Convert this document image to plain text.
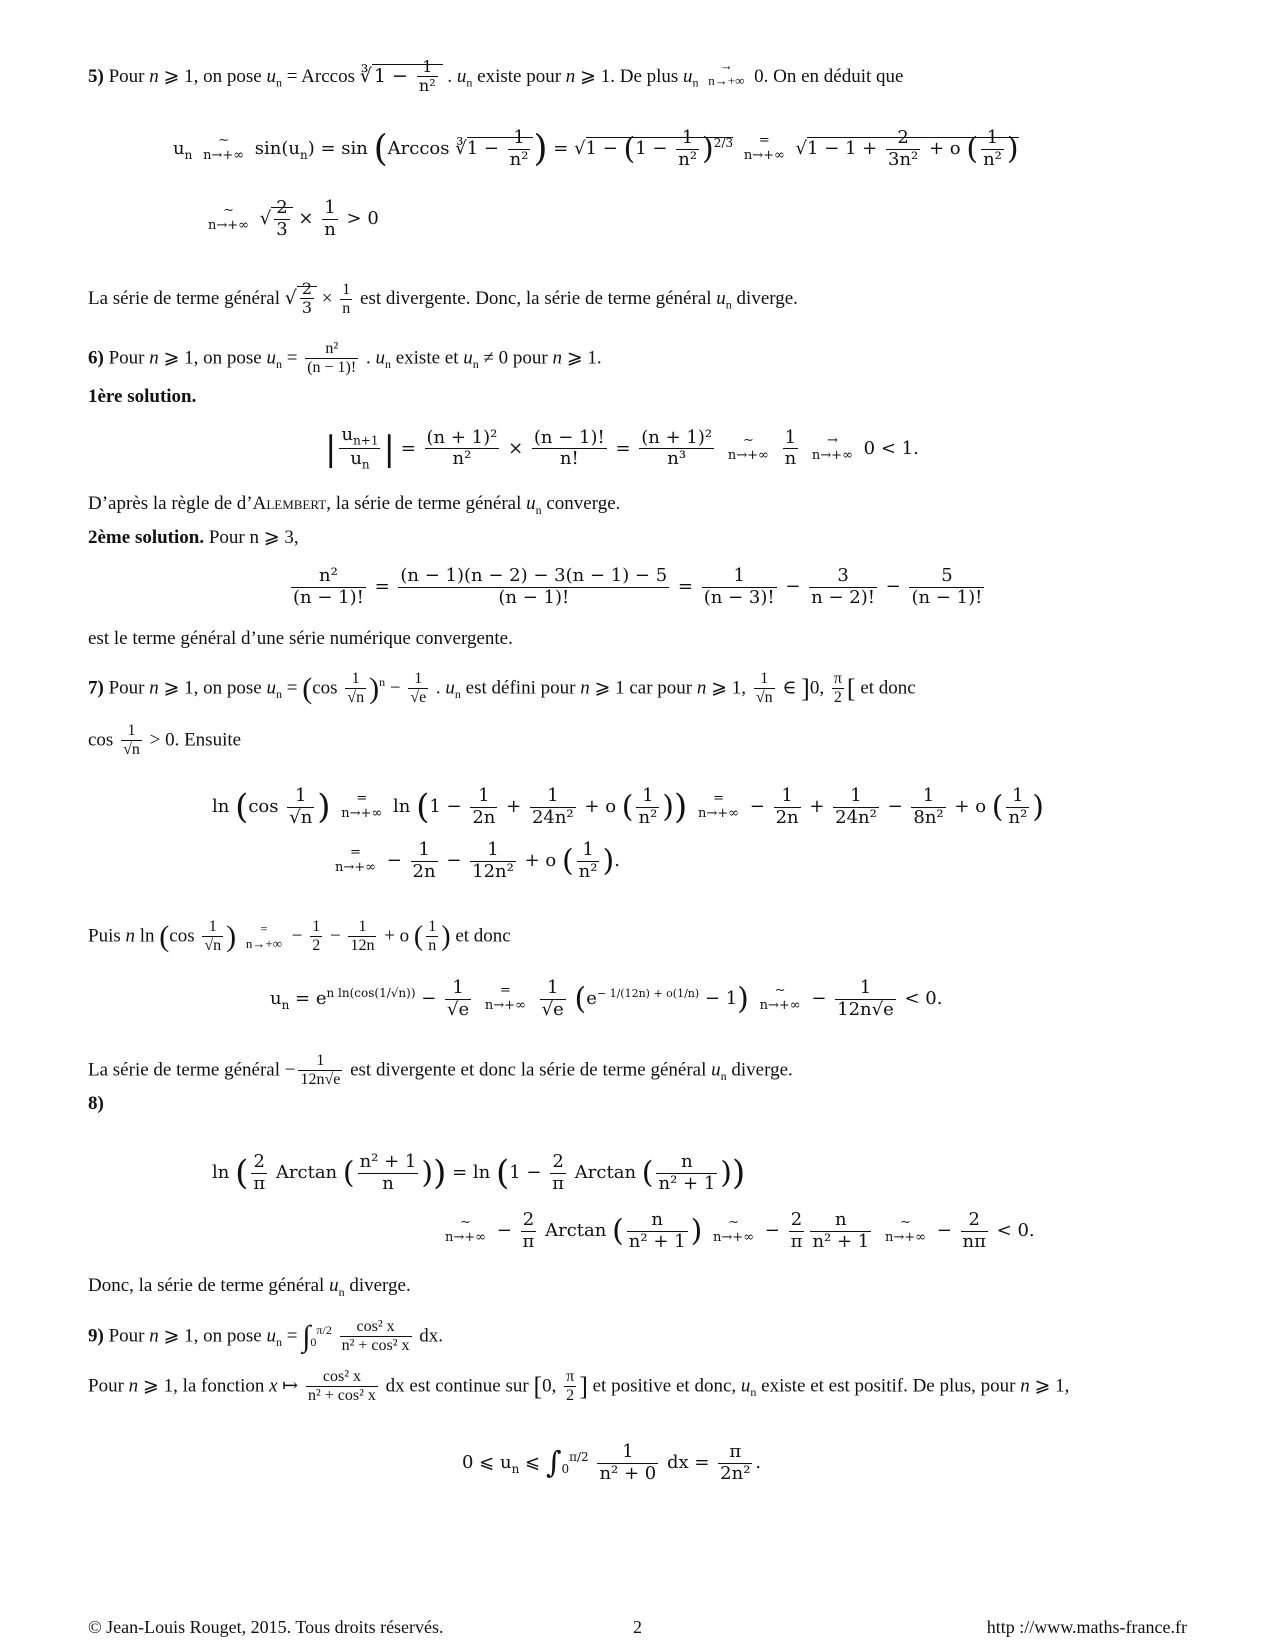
5) Pour n ⩾ 1, on pose $u_n = Arccos$ ∛ $1 - \frac{1}{\text{n²}}$ . $u_n$ existe pour n ⩾ 1. De plus $u_n$
→
n→+∞ 0. On en déduit que
$u_n$
∼
n→+∞ $\sin(u_n) = \sin (Arccos$ ∛1 − $\frac{1}{\text{n²}}$ ) = $√1 - (1 - \frac{1}{\text{n²}} )^{2/3}$	=
n→+∞ $√1 - 1 + \frac{2}{\text{3n²}} + o$ ( $\frac{1}{\text{n²}}$ )
∼
n→+∞ √ $\frac{2}{3} \times \frac{1}{n} > 0$
La série de terme général √ $\frac{2}{3} \times \frac{1}{n}$ est divergente. Donc, la série de terme général $u_n$ diverge.
6) Pour n ⩾ 1, on pose $u_n = \frac{\text{n²}}{(n - 1)!}$ . $u_n$ existe et $u_n \ne 0$ pour n ⩾ 1.
1ère solution.
| $\frac{u_{n+1}}{u_n}$ | = $\frac{\text{(n + 1)²}}{\text{n²}} \times \frac{(n - 1)!}{n!} = \frac{\text{(n + 1)²}}{\text{n³}}$
	∼
n→+∞
$\frac{1}{n}$
	→
n→+∞ 0 < 1.
D’après la règle de d’Alembert, la série de terme général $u_n$ converge.
2ème solution. Pour n ⩾ 3,
$\frac{\text{n²}}{(n - 1)!} = \frac{(n - 1)(n - 2) - 3(n - 1) - 5}{(n - 1)!} = \frac{1}{(n - 3)!} - \frac{3}{n - 2)!} - \frac{5}{(n - 1)!}$
est le terme général d’une série numérique convergente.
7) Pour n ⩾ 1, on pose $u_n = (\cos \frac{1}{√n} )^n - \frac{1}{√e}$ . $u_n$ est défini pour n ⩾ 1 car pour n ⩾ 1, $\frac{1}{√n}$ ∈ ]0, $\frac{\pi}{2}$ [ et donc
$\cos \frac{1}{√n} > 0$. Ensuite
$\ln (\cos \frac{1}{√n}$ )	=
n→+∞ $\ln (1 - \frac{1}{2n} + \frac{1}{\text{24n²}} + o$ ( $\frac{1}{\text{n²}}$ ))	=
$n\to+\infty - \frac{1}{2n} + \frac{1}{\text{24n²}} - \frac{1}{\text{8n²}} + o$ ( $\frac{1}{\text{n²}}$ )
=
$n\to+\infty - \frac{1}{2n} - \frac{1}{\text{12n²}} + o$ ( $\frac{1}{\text{n²}}$ ).
Puis n $\ln (\cos \frac{1}{√n}$ )	=
$n\to+\infty - \frac{1}{2} - \frac{1}{12n} + o$ ( $\frac{1}{n}$ ) et donc
$u_n = e^{n ln(cos(1/√n))} - \frac{1}{√e}$
	=
n→+∞
$\frac{1}{√e} (e^{- 1/(12n) + o(1/n)} - 1)$	∼
$n\to+\infty - \frac{1}{12n√e} < 0$.
La série de terme général − $\frac{1}{12n√e}$ est divergente et donc la série de terme général $u_n$ diverge.
8)
ln ( $\frac{2}{\pi}$ Arctan ( $\frac{\text{n² + 1}}{n}$ )) = $\ln (1 - \frac{2}{\pi}$ Arctan ( $\frac{n}{\text{n² + 1}}$ ))
∼
$n\to+\infty - \frac{2}{\pi}$ Arctan ( $\frac{n}{\text{n² + 1}}$ )	∼
$n\to+\infty - \frac{2}{\pi} \frac{n}{\text{n² + 1}}$
	∼
$n\to+\infty - \frac{2}{n\pi} < 0$.
Donc, la série de terme général $u_n$ diverge.
9) Pour n ⩾ 1, on pose $u_n = \int_0^{\pi/2} \frac{\text{cos² x}}{\text{n² + cos² x}}$ dx.
Pour n ⩾ 1, la fonction x ↦ $\frac{\text{cos² x}}{\text{n² + cos² x}}$ dx est continue sur [0, $\frac{\pi}{2}$ ] et positive et donc, $u_n$ existe et est positif. De plus, pour n ⩾ 1,
0 ⩽ $u_n$ ⩽ $\int_0^{\pi/2} \frac{1}{\text{n² + 0}}$ dx = $\frac{\pi}{\text{2n²}}$ .
© Jean-Louis Rouget, 2015. Tous droits réservés.	2	http ://www.maths-france.fr
